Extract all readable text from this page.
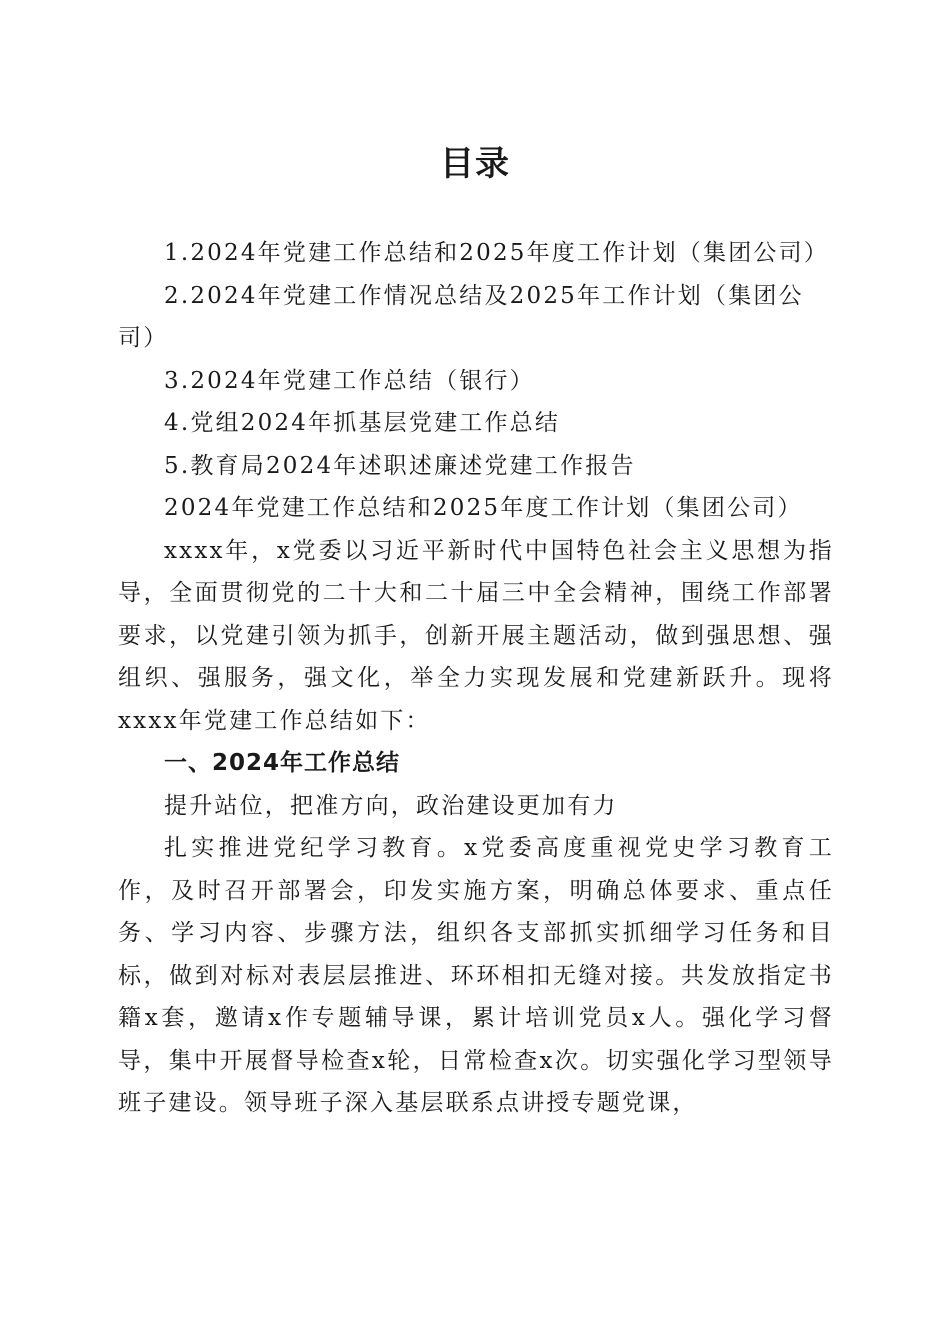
目录

1.2024年党建工作总结和2025年度工作计划（集团公司）

2.2024年党建工作情况总结及2025年工作计划（集团公司）

3.2024年党建工作总结（银行）

4.党组2024年抓基层党建工作总结

5.教育局2024年述职述廉述党建工作报告

2024年党建工作总结和2025年度工作计划（集团公司）

xxxx年，x党委以习近平新时代中国特色社会主义思想为指导，全面贯彻党的二十大和二十届三中全会精神，围绕工作部署要求，以党建引领为抓手，创新开展主题活动，做到强思想、强组织、强服务，强文化，举全力实现发展和党建新跃升。现将xxxx年党建工作总结如下：

一、2024年工作总结

提升站位，把准方向，政治建设更加有力

扎实推进党纪学习教育。x党委高度重视党史学习教育工作，及时召开部署会，印发实施方案，明确总体要求、重点任务、学习内容、步骤方法，组织各支部抓实抓细学习任务和目标，做到对标对表层层推进、环环相扣无缝对接。共发放指定书籍x套，邀请x作专题辅导课，累计培训党员x人。强化学习督导，集中开展督导检查x轮，日常检查x次。切实强化学习型领导班子建设。领导班子深入基层联系点讲授专题党课，
